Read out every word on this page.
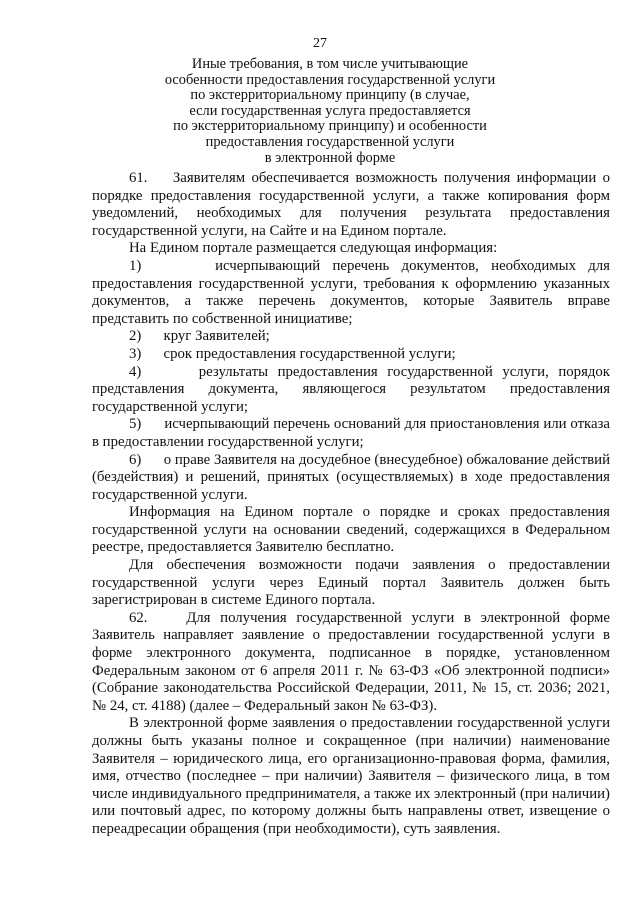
27
Иные требования, в том числе учитывающие
особенности предоставления государственной услуги
по экстерриториальному принципу (в случае,
если государственная услуга предоставляется
по экстерриториальному принципу) и особенности
предоставления государственной услуги
в электронной форме

61.    Заявителям обеспечивается возможность получения информации о порядке предоставления государственной услуги, а также копирования форм уведомлений, необходимых для получения результата предоставления государственной услуги, на Сайте и на Едином портале.

На Едином портале размещается следующая информация:

1)      исчерпывающий перечень документов, необходимых для предоставления государственной услуги, требования к оформлению указанных документов, а также перечень документов, которые Заявитель вправе представить по собственной инициативе;

2)      круг Заявителей;

3)      срок предоставления государственной услуги;

4)      результаты предоставления государственной услуги, порядок представления документа, являющегося результатом предоставления государственной услуги;

5)      исчерпывающий перечень оснований для приостановления или отказа в предоставлении государственной услуги;

6)      о праве Заявителя на досудебное (внесудебное) обжалование действий (бездействия) и решений, принятых (осуществляемых) в ходе предоставления государственной услуги.

Информация на Едином портале о порядке и сроках предоставления государственной услуги на основании сведений, содержащихся в Федеральном реестре, предоставляется Заявителю бесплатно.

Для обеспечения возможности подачи заявления о предоставлении государственной услуги через Единый портал Заявитель должен быть зарегистрирован в системе Единого портала.

62.    Для получения государственной услуги в электронной форме Заявитель направляет заявление о предоставлении государственной услуги в форме электронного документа, подписанное в порядке, установленном Федеральным законом от 6 апреля 2011 г. № 63-ФЗ «Об электронной подписи» (Собрание законодательства Российской Федерации, 2011, № 15, ст. 2036; 2021, № 24, ст. 4188) (далее – Федеральный закон № 63-ФЗ).

В электронной форме заявления о предоставлении государственной услуги должны быть указаны полное и сокращенное (при наличии) наименование Заявителя – юридического лица, его организационно-правовая форма, фамилия, имя, отчество (последнее – при наличии) Заявителя – физического лица, в том числе индивидуального предпринимателя, а также их электронный (при наличии) или почтовый адрес, по которому должны быть направлены ответ, извещение о переадресации обращения (при необходимости), суть заявления.
